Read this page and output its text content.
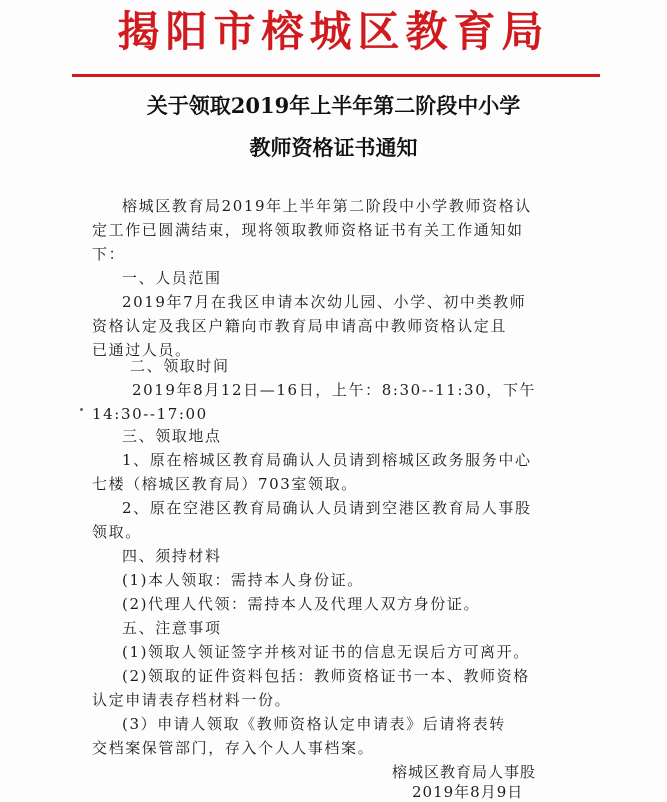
揭阳市榕城区教育局
关于领取2019年上半年第二阶段中小学
教师资格证书通知
榕城区教育局2019年上半年第二阶段中小学教师资格认
定工作已圆满结束，现将领取教师资格证书有关工作通知如
下：
一、人员范围
2019年7月在我区申请本次幼儿园、小学、初中类教师
资格认定及我区户籍向市教育局申请高中教师资格认定且
已通过人员。
二、领取时间
2019年8月12日—16日，上午：8:30--11:30，下午
14:30--17:00
三、领取地点
1、原在榕城区教育局确认人员请到榕城区政务服务中心
七楼（榕城区教育局）703室领取。
2、原在空港区教育局确认人员请到空港区教育局人事股
领取。
四、须持材料
(1)本人领取：需持本人身份证。
(2)代理人代领：需持本人及代理人双方身份证。
五、注意事项
(1)领取人领证签字并核对证书的信息无误后方可离开。
(2)领取的证件资料包括：教师资格证书一本、教师资格
认定申请表存档材料一份。
(3）申请人领取《教师资格认定申请表》后请将表转
交档案保管部门，存入个人人事档案。
榕城区教育局人事股
2019年8月9日
